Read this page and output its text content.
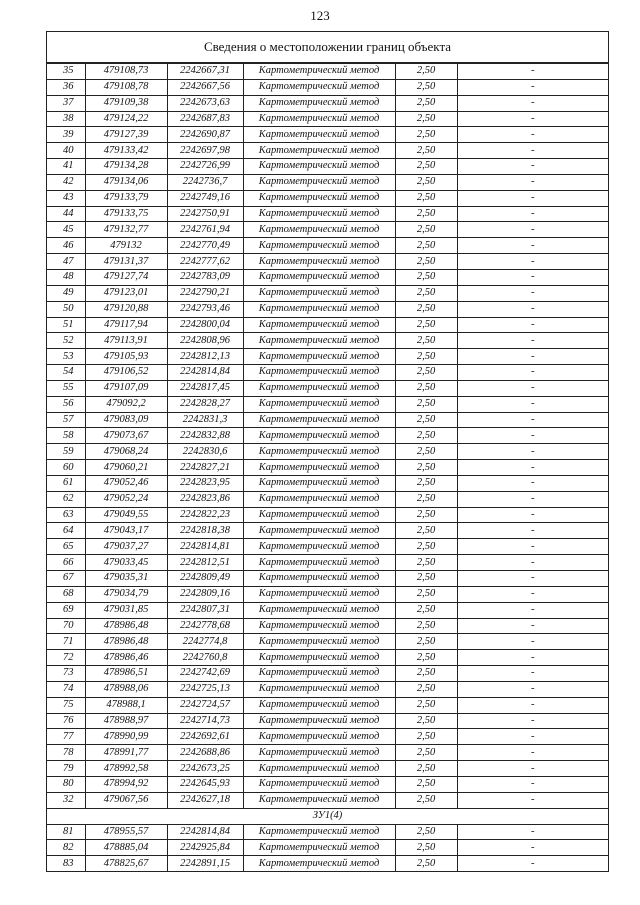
123
Сведения о местоположении границ объекта
35	479108,73	2242667,31	Картометрический метод	2,50	-
36	479108,78	2242667,56	Картометрический метод	2,50	-
37	479109,38	2242673,63	Картометрический метод	2,50	-
38	479124,22	2242687,83	Картометрический метод	2,50	-
39	479127,39	2242690,87	Картометрический метод	2,50	-
40	479133,42	2242697,98	Картометрический метод	2,50	-
41	479134,28	2242726,99	Картометрический метод	2,50	-
42	479134,06	2242736,7	Картометрический метод	2,50	-
43	479133,79	2242749,16	Картометрический метод	2,50	-
44	479133,75	2242750,91	Картометрический метод	2,50	-
45	479132,77	2242761,94	Картометрический метод	2,50	-
46	479132	2242770,49	Картометрический метод	2,50	-
47	479131,37	2242777,62	Картометрический метод	2,50	-
48	479127,74	2242783,09	Картометрический метод	2,50	-
49	479123,01	2242790,21	Картометрический метод	2,50	-
50	479120,88	2242793,46	Картометрический метод	2,50	-
51	479117,94	2242800,04	Картометрический метод	2,50	-
52	479113,91	2242808,96	Картометрический метод	2,50	-
53	479105,93	2242812,13	Картометрический метод	2,50	-
54	479106,52	2242814,84	Картометрический метод	2,50	-
55	479107,09	2242817,45	Картометрический метод	2,50	-
56	479092,2	2242828,27	Картометрический метод	2,50	-
57	479083,09	2242831,3	Картометрический метод	2,50	-
58	479073,67	2242832,88	Картометрический метод	2,50	-
59	479068,24	2242830,6	Картометрический метод	2,50	-
60	479060,21	2242827,21	Картометрический метод	2,50	-
61	479052,46	2242823,95	Картометрический метод	2,50	-
62	479052,24	2242823,86	Картометрический метод	2,50	-
63	479049,55	2242822,23	Картометрический метод	2,50	-
64	479043,17	2242818,38	Картометрический метод	2,50	-
65	479037,27	2242814,81	Картометрический метод	2,50	-
66	479033,45	2242812,51	Картометрический метод	2,50	-
67	479035,31	2242809,49	Картометрический метод	2,50	-
68	479034,79	2242809,16	Картометрический метод	2,50	-
69	479031,85	2242807,31	Картометрический метод	2,50	-
70	478986,48	2242778,68	Картометрический метод	2,50	-
71	478986,48	2242774,8	Картометрический метод	2,50	-
72	478986,46	2242760,8	Картометрический метод	2,50	-
73	478986,51	2242742,69	Картометрический метод	2,50	-
74	478988,06	2242725,13	Картометрический метод	2,50	-
75	478988,1	2242724,57	Картометрический метод	2,50	-
76	478988,97	2242714,73	Картометрический метод	2,50	-
77	478990,99	2242692,61	Картометрический метод	2,50	-
78	478991,77	2242688,86	Картометрический метод	2,50	-
79	478992,58	2242673,25	Картометрический метод	2,50	-
80	478994,92	2242645,93	Картометрический метод	2,50	-
32	479067,56	2242627,18	Картометрический метод	2,50	-
ЗУ1(4)					
81	478955,57	2242814,84	Картометрический метод	2,50	-
82	478885,04	2242925,84	Картометрический метод	2,50	-
83	478825,67	2242891,15	Картометрический метод	2,50	-
